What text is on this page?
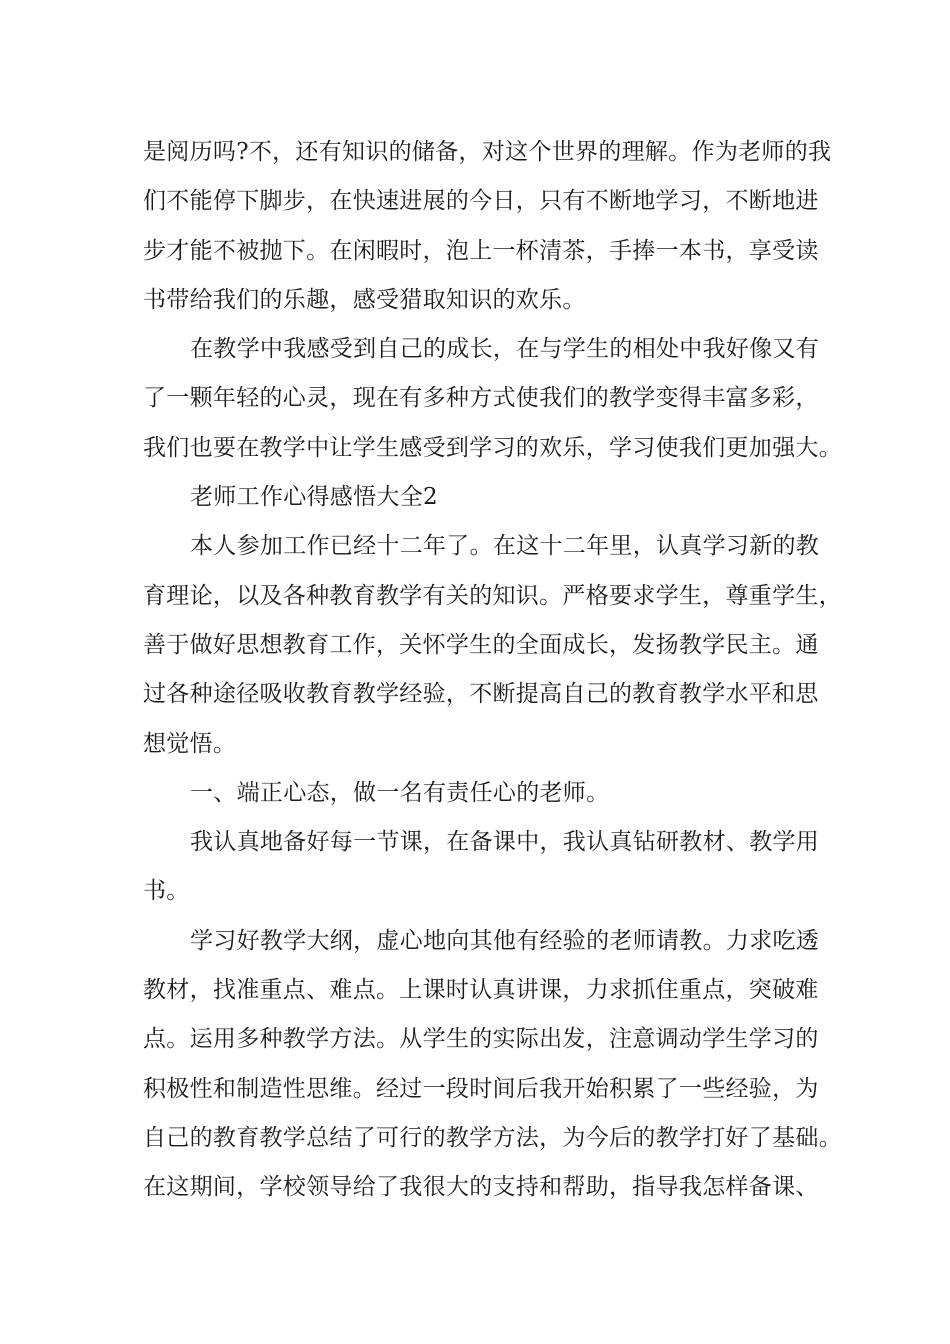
是阅历吗?不，还有知识的储备，对这个世界的理解。作为老师的我
们不能停下脚步，在快速进展的今日，只有不断地学习，不断地进
步才能不被抛下。在闲暇时，泡上一杯清茶，手捧一本书，享受读
书带给我们的乐趣，感受猎取知识的欢乐。
在教学中我感受到自己的成长，在与学生的相处中我好像又有
了一颗年轻的心灵，现在有多种方式使我们的教学变得丰富多彩，
我们也要在教学中让学生感受到学习的欢乐，学习使我们更加强大。
老师工作心得感悟大全2
本人参加工作已经十二年了。在这十二年里，认真学习新的教
育理论，以及各种教育教学有关的知识。严格要求学生，尊重学生，
善于做好思想教育工作，关怀学生的全面成长，发扬教学民主。通
过各种途径吸收教育教学经验，不断提高自己的教育教学水平和思
想觉悟。
一、端正心态，做一名有责任心的老师。
我认真地备好每一节课，在备课中，我认真钻研教材、教学用
书。
学习好教学大纲，虚心地向其他有经验的老师请教。力求吃透
教材，找准重点、难点。上课时认真讲课，力求抓住重点，突破难
点。运用多种教学方法。从学生的实际出发，注意调动学生学习的
积极性和制造性思维。经过一段时间后我开始积累了一些经验，为
自己的教育教学总结了可行的教学方法，为今后的教学打好了基础。
在这期间，学校领导给了我很大的支持和帮助，指导我怎样备课、
